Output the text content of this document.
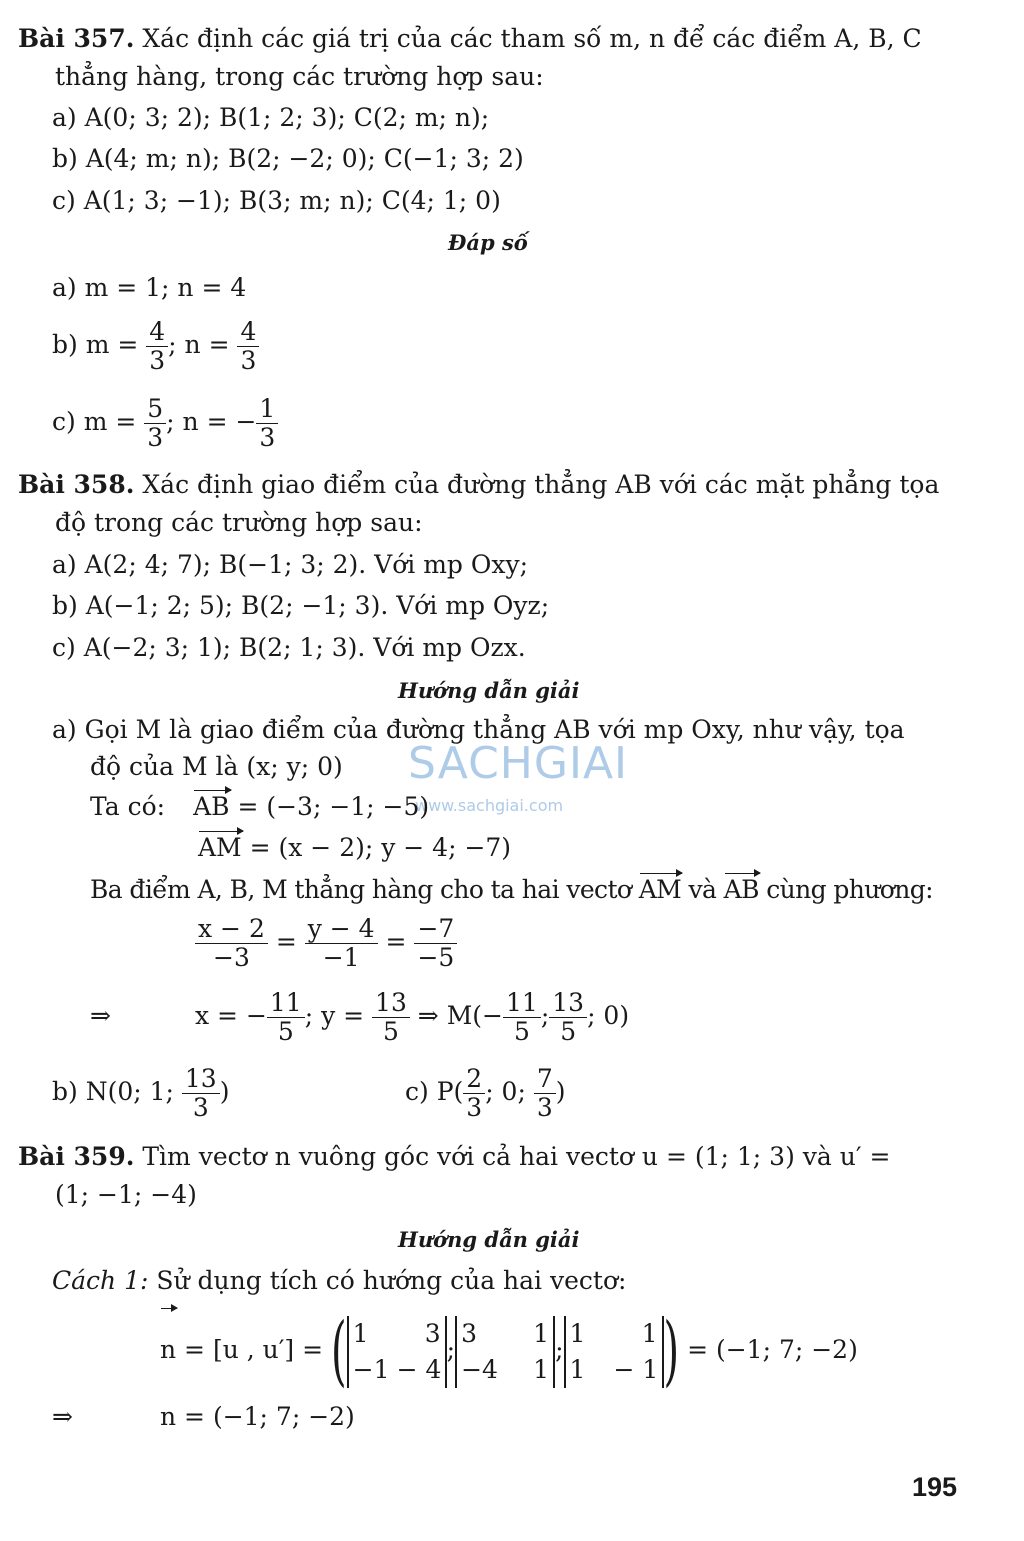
Bài 357. Xác định các giá trị của các tham số m, n để các điểm A, B, C
thẳng hàng, trong các trường hợp sau:
a) A(0; 3; 2); B(1; 2; 3); C(2; m; n);
b) A(4; m; n); B(2; −2; 0); C(−1; 3; 2)
c) A(1; 3; −1); B(3; m; n); C(4; 1; 0)
Đáp số
a) m = 1; n = 4
b) $m = \frac{4}{3}$ ; $n = \frac{4}{3}$
c) $m = \frac{5}{3}$ ; n = − $\frac{1}{3}$
Bài 358. Xác định giao điểm của đường thẳng AB với các mặt phẳng tọa
độ trong các trường hợp sau:
a) A(2; 4; 7); B(−1; 3; 2). Với mp Oxy;
b) A(−1; 2; 5); B(2; −1; 3). Với mp Oyz;
c) A(−2; 3; 1); B(2; 1; 3). Với mp Ozx.
Hướng dẫn giải
a) Gọi M là giao điểm của đường thẳng AB với mp Oxy, như vậy, tọa
độ của M là (x; y; 0) SACHGIAI
www.sachgiai.com
Ta có: AB = (−3; −1; −5)
AM = (x − 2); y − 4; −7)
Ba điểm A, B, M thẳng hàng cho ta hai vectơ AM và AB cùng phương:
$\frac{x - 2}{-3} = \frac{y - 4}{-1} = \frac{-7}{-5}$
⇒	x = − $\frac{11}{5}$ ; $y = \frac{13}{5}$ ⇒ $M(- \frac{11}{5}$ ; $\frac{13}{5}$ ; 0)
b) N(0; 1; $\frac{13}{3}$ )	c) $P( \frac{2}{3}$ ; 0; $\frac{7}{3}$ )
Bài 359. Tìm vectơ n vuông góc với cả hai vectơ u = (1; 1; 3) và u′ =
(1; −1; −4)
Hướng dẫn giải
Cách 1: Sử dụng tích có hướng của hai vectơ:
n = [u , u′] = ( 1 3
−1 − 4
;
3 1
−4 1
;
1 1
1 − 1 ) = (−1; 7; −2)
⇒	n = (−1; 7; −2)
195
